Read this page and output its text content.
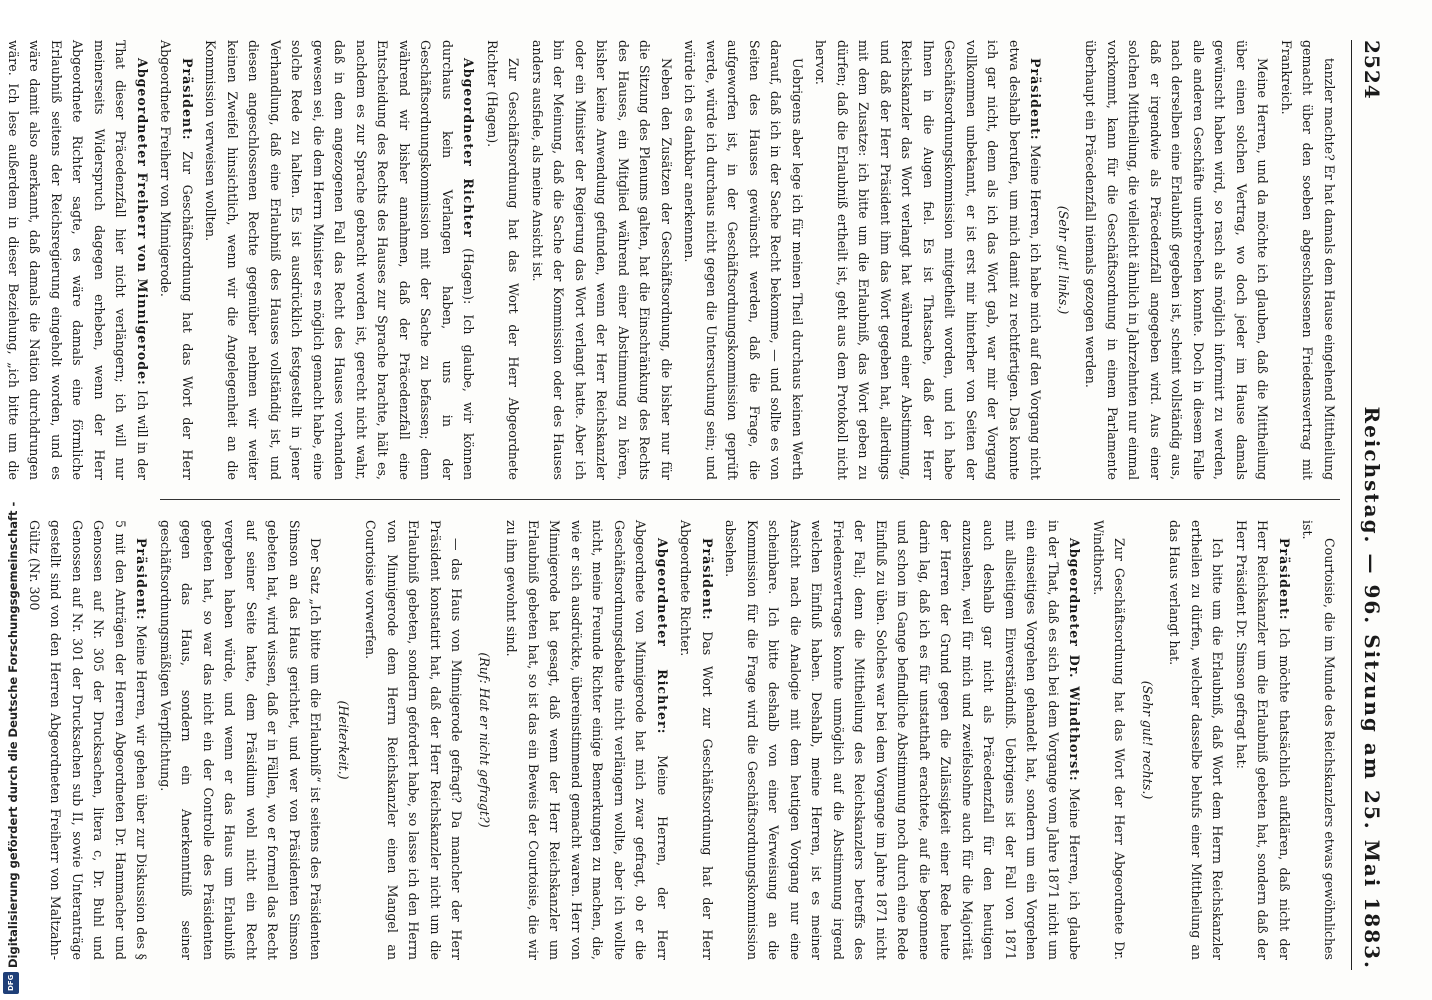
Digitalisierung gefördert durch die Deutsche Forschungsgemeinschaft -
DFG
2524
Reichstag. — 96. Sitzung am 25. Mai 1883.

tanzler machte? Er hat damals dem Hause eingehend Mittheilung gemacht über den soeben abgeschlossenen Friedensvertrag mit Frankreich.

Meine Herren, und da möchte ich glauben, daß die Mittheilung über einen solchen Vertrag, wo doch jeder im Hause damals gewünscht haben wird, so rasch als möglich informirt zu werden, alle anderen Geschäfte unterbrechen konnte. Doch in diesem Falle nach derselben eine Erlaubniß gegeben ist, scheint vollständig aus, daß er irgendwie als Präcedenzfall angegeben wird. Aus einer solchen Mittheilung, die vielleicht ähnlich in Jahrzehnten nur einmal vorkommt, kann für die Geschäftsordnung in einem Parlamente überhaupt ein Präcedenzfall niemals gezogen werden.

(Sehr gut! links.)

Präsident: Meine Herren, ich habe mich auf den Vorgang nicht etwa deshalb berufen, um mich damit zu rechtfertigen. Das konnte ich gar nicht, denn als ich das Wort gab, war mir der Vorgang vollkommen unbekannt, er ist erst mir hinterher von Seiten der Geschäftsordnungskommission mitgetheilt worden, und ich habe Ihnen in die Augen fiel. Es ist Thatsache, daß der Herr Reichskanzler das Wort verlangt hat während einer Abstimmung, und daß der Herr Präsident ihm das Wort gegeben hat, allerdings mit dem Zusatze: ich bitte um die Erlaubniß, das Wort geben zu dürfen; daß die Erlaubniß ertheilt ist, geht aus dem Protokoll nicht hervor.

Uebrigens aber lege ich für meinen Theil durchaus keinen Werth darauf, daß ich in der Sache Recht bekomme, — und sollte es von Seiten des Hauses gewünscht werden, daß die Frage, die aufgeworfen ist, in der Geschäftsordnungskommission geprüft werde, würde ich durchaus nicht gegen die Untersuchung sein; und würde ich es dankbar anerkennen.

Neben den Zusätzen der Geschäftsordnung, die bisher nur für die Sitzung des Plenums galten, hat die Einschränkung des Rechts des Hauses, ein Mitglied während einer Abstimmung zu hören, bisher keine Anwendung gefunden, wenn der Herr Reichskanzler oder ein Minister der Regierung das Wort verlangt hatte. Aber ich bin der Meinung, daß die Sache der Kommission oder des Hauses anders ausfiele, als meine Ansicht ist.

Zur Geschäftsordnung hat das Wort der Herr Abgeordnete Richter (Hagen).

Abgeordneter Richter (Hagen): Ich glaube, wir können durchaus kein Verlangen haben, uns in der Geschäftsordnungskommission mit der Sache zu befassen; denn während wir bisher annahmen, daß der Präcedenzfall eine Entscheidung des Rechts des Hauses zur Sprache brachte, hält es, nachdem es zur Sprache gebracht worden ist, gerecht nicht wahr, daß in dem angezogenen Fall das Recht des Hauses vorhanden gewesen sei, die dem Herrn Minister es möglich gemacht habe, eine solche Rede zu halten. Es ist ausdrücklich festgestellt in jener Verhandlung, daß eine Erlaubniß des Hauses vollständig ist, und diesen angeschlossenen Rechte gegenüber nehmen wir weiter keinen Zweifel hinsichtlich, wenn wir die Angelegenheit an die Kommission verweisen wollten.

Präsident: Zur Geschäftsordnung hat das Wort der Herr Abgeordnete Freiherr von Minnigerode.

Abgeordneter Freiherr von Minnigerode: Ich will in der That dieser Präcedenzfall hier nicht verlängern; ich will nur meinerseits Widerspruch dagegen erheben, wenn der Herr Abgeordnete Richter sagte, es wäre damals eine förmliche Erlaubniß seitens der Reichsregierung eingeholt worden, und es wäre damit also anerkannt, daß damals die Nation durchdrungen wäre. Ich lese außerdem in dieser Beziehung, „ich bitte um die

Courtoisie, die im Munde des Reichskanzlers etwas gewöhnliches ist.

Präsident: Ich möchte thatsächlich aufklären, daß nicht der Herr Reichskanzler um die Erlaubniß gebeten hat, sondern daß der Herr Präsident Dr. Simson gefragt hat:

Ich bitte um die Erlaubniß, daß Wort dem Herrn Reichskanzler ertheilen zu dürfen, welcher dasselbe behufs einer Mittheilung an das Haus verlangt hat.

(Sehr gut! rechts.)

Zur Geschäftsordnung hat das Wort der Herr Abgeordnete Dr. Windthorst.

Abgeordneter Dr. Windthorst: Meine Herren, ich glaube in der That, daß es sich bei dem Vorgange vom Jahre 1871 nicht um ein einseitiges Vorgehen gehandelt hat, sondern um ein Vorgehen mit allseitigem Einverständniß. Uebrigens ist der Fall von 1871 auch deshalb gar nicht als Präcedenzfall für den heutigen anzusehen, weil für mich und zweifelsohne auch für die Majorität der Herren der Grund gegen die Zulässigkeit einer Rede heute darin lag, daß ich es für unstatthaft erachtete, auf die begonnene und schon im Gange befindliche Abstimmung noch durch eine Rede Einfluß zu üben. Solches war bei dem Vorgange im Jahre 1871 nicht der Fall; denn die Mittheilung des Reichskanzlers betreffs des Friedensvertrages konnte unmöglich auf die Abstimmung irgend welchen Einfluß haben. Deshalb, meine Herren, ist es meiner Ansicht nach die Analogie mit dem heutigen Vorgang nur eine scheinbare. Ich bitte deshalb von einer Verweisung an die Kommission für die Frage wird die Geschäftsordnungskommission absehen.

Präsident: Das Wort zur Geschäftsordnung hat der Herr Abgeordnete Richter.

Abgeordneter Richter: Meine Herren, der Herr Abgeordnete von Minnigerode hat mich zwar gefragt, ob er die Geschäftsordnungsdebatte nicht verlängern wollte, aber ich wollte nicht, meine Freunde Richter einige Bemerkungen zu machen, die, wie er sich ausdrückte, übereinstimmend gemacht waren. Herr von Minnigerode hat gesagt, daß wenn der Herr Reichskanzler um Erlaubniß gebeten hat, so ist das ein Beweis der Courtoisie, die wir zu ihm gewohnt sind.

(Ruf: Hat er nicht gefragt?)

— das Haus von Minnigerode gefragt? Da mancher der Herr Präsident konstatirt hat, daß der Herr Reichskanzler nicht um die Erlaubniß gebeten, sondern gefordert habe, so lasse ich den Herrn von Minnigerode dem Herrn Reichskanzler einen Mangel an Courtoisie vorwerfen.

(Heiterkeit.)

Der Satz „Ich bitte um die Erlaubniß“ ist seitens des Präsidenten Simson an das Haus gerichtet, und wer von Präsidenten Simson gebeten hat, wird wissen, daß er in Fällen, wo er formell das Recht auf seiner Seite hatte, dem Präsidium wohl nicht ein Recht vergeben haben würde, und wenn er das Haus um Erlaubniß gebeten hat, so war das nicht ein der Controlle des Präsidenten gegen das Haus, sondern ein Anerkenntniß seiner geschäftsordnungsmäßigen Verpflichtung.

Präsident: Meine Herren, wir gehen über zur Diskussion des § 5 mit den Anträgen der Herren Abgeordneten Dr. Hammacher und Genossen auf Nr. 305 der Drucksachen, litera c, Dr. Buhl und Genossen auf Nr. 301 der Drucksachen sub II, sowie Unteranträge gestellt sind von den Herren Abgeordneten Freiherr von Maltzahn-Gültz (Nr. 300
